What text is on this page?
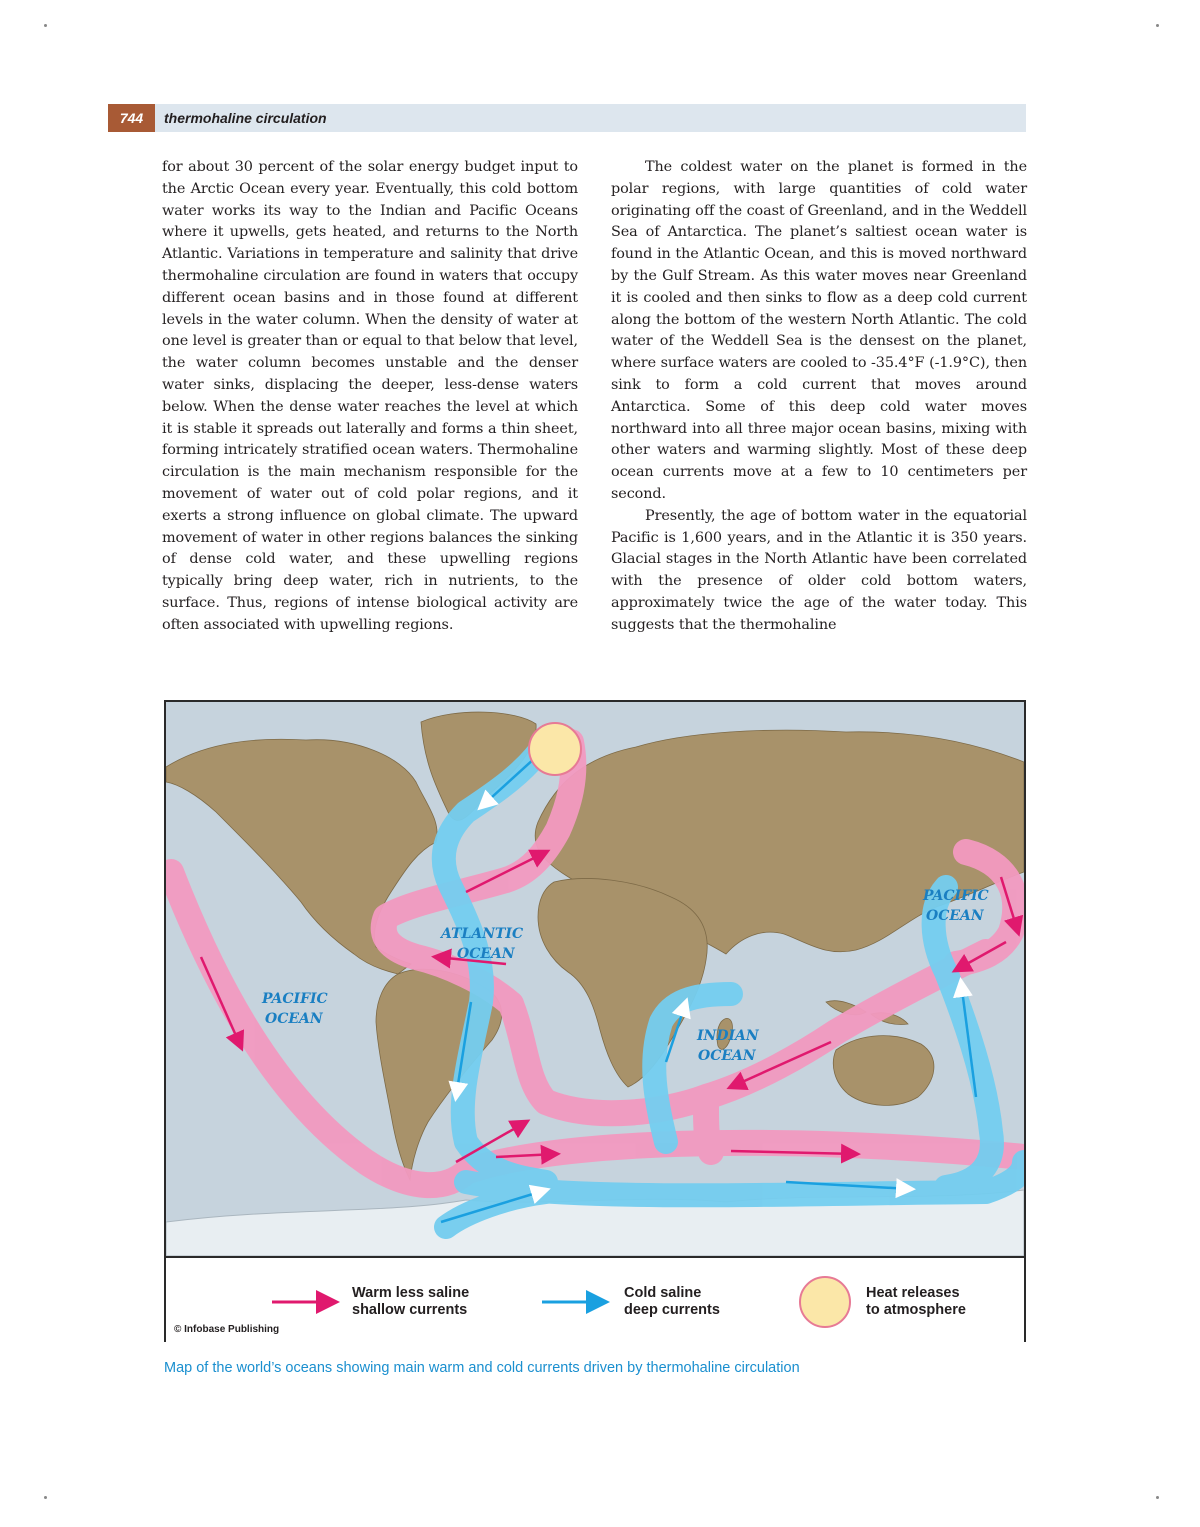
744	thermohaline circulation

for about 30 percent of the solar energy budget input to the Arctic Ocean every year. Eventually, this cold bottom water works its way to the Indian and Pacific Oceans where it upwells, gets heated, and returns to the North Atlantic. Variations in temperature and salinity that drive thermohaline circulation are found in waters that occupy different ocean basins and in those found at different levels in the water column. When the density of water at one level is greater than or equal to that below that level, the water column becomes unstable and the denser water sinks, displacing the deeper, less-dense waters below. When the dense water reaches the level at which it is stable it spreads out laterally and forms a thin sheet, forming intricately stratified ocean waters. Thermohaline circulation is the main mechanism responsible for the movement of water out of cold polar regions, and it exerts a strong influence on global climate. The upward movement of water in other regions balances the sinking of dense cold water, and these upwelling regions typically bring deep water, rich in nutrients, to the surface. Thus, regions of intense biological activity are often associated with upwelling regions.

The coldest water on the planet is formed in the polar regions, with large quantities of cold water originating off the coast of Greenland, and in the Weddell Sea of Antarctica. The planet’s saltiest ocean water is found in the Atlantic Ocean, and this is moved northward by the Gulf Stream. As this water moves near Greenland it is cooled and then sinks to flow as a deep cold current along the bottom of the western North Atlantic. The cold water of the Weddell Sea is the densest on the planet, where surface waters are cooled to -35.4°F (-1.9°C), then sink to form a cold current that moves around Antarctica. Some of this deep cold water moves northward into all three major ocean basins, mixing with other waters and warming slightly. Most of these deep ocean currents move at a few to 10 centimeters per second.

Presently, the age of bottom water in the equatorial Pacific is 1,600 years, and in the Atlantic it is 350 years. Glacial stages in the North Atlantic have been correlated with the presence of older cold bottom waters, approximately twice the age of the water today. This suggests that the thermohaline

ATLANTIC
OCEAN
PACIFIC
OCEAN
PACIFIC
OCEAN
INDIAN
OCEAN
Warm less saline
shallow currents
Cold saline
deep currents
Heat releases
to atmosphere
© Infobase Publishing
Map of the world’s oceans showing main warm and cold currents driven by thermohaline circulation
